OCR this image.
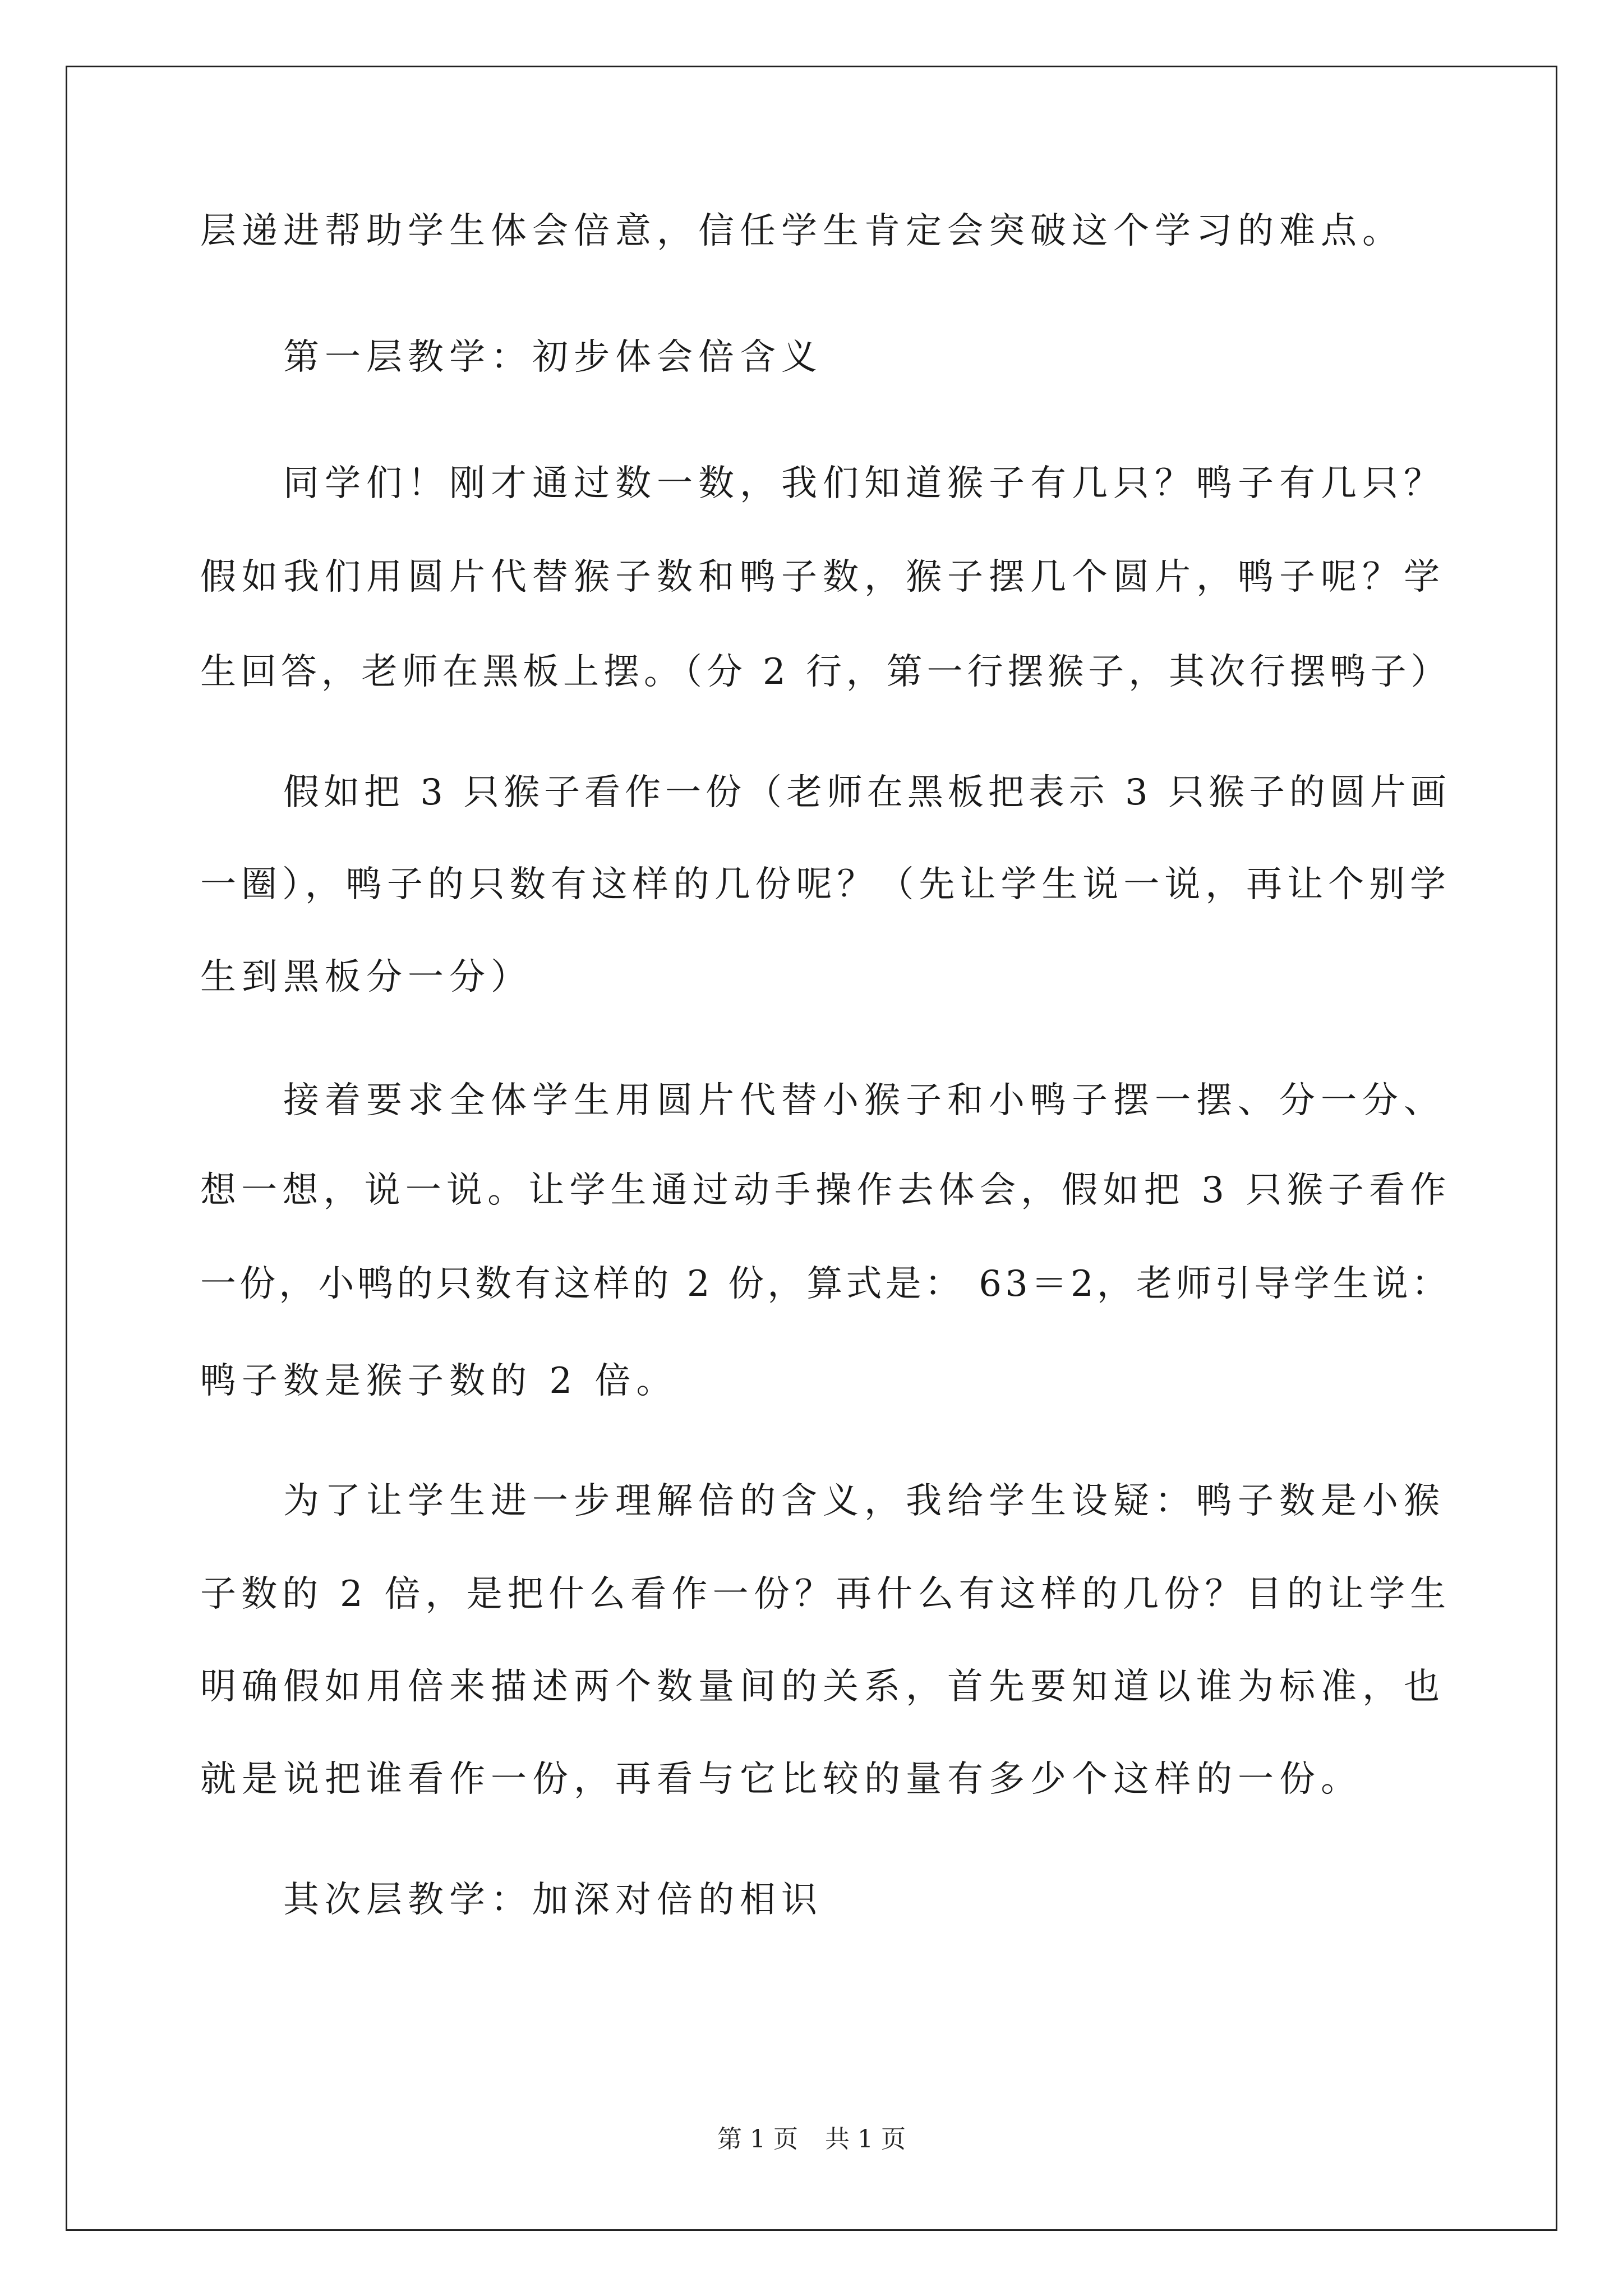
层递进帮助学生体会倍意，信任学生肯定会突破这个学习的难点。
第一层教学：初步体会倍含义
同学们！刚才通过数一数，我们知道猴子有几只？鸭子有几只？
假如我们用圆片代替猴子数和鸭子数，猴子摆几个圆片，鸭子呢？学
生回答，老师在黑板上摆。（分 2 行，第一行摆猴子，其次行摆鸭子）
假如把 3 只猴子看作一份（老师在黑板把表示 3 只猴子的圆片画
一圈），鸭子的只数有这样的几份呢？（先让学生说一说，再让个别学
生到黑板分一分）
接着要求全体学生用圆片代替小猴子和小鸭子摆一摆、分一分、
想一想，说一说。让学生通过动手操作去体会，假如把 3 只猴子看作
一份，小鸭的只数有这样的 2 份，算式是： 63＝2，老师引导学生说：
鸭子数是猴子数的 2 倍。
为了让学生进一步理解倍的含义，我给学生设疑：鸭子数是小猴
子数的 2 倍，是把什么看作一份？再什么有这样的几份？目的让学生
明确假如用倍来描述两个数量间的关系，首先要知道以谁为标准，也
就是说把谁看作一份，再看与它比较的量有多少个这样的一份。
其次层教学：加深对倍的相识
第 1 页 共 1 页
